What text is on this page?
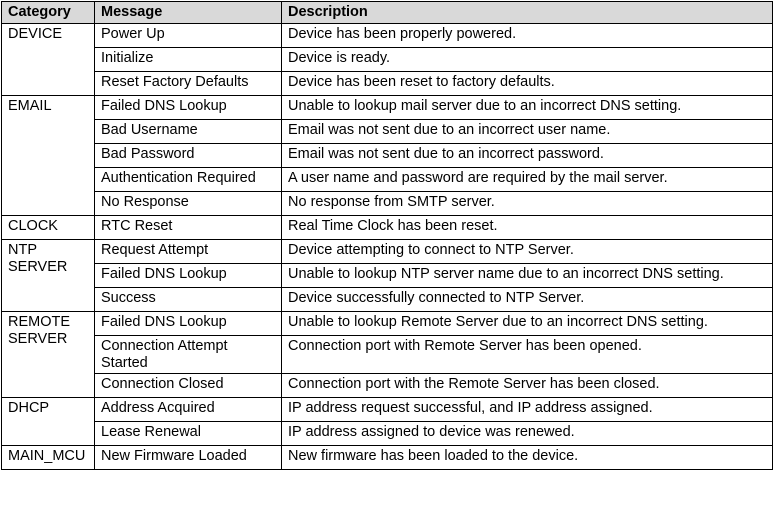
Category	Message	Description
DEVICE	Power Up	Device has been properly powered.
	Initialize	Device is ready.
	Reset Factory Defaults	Device has been reset to factory defaults.
EMAIL	Failed DNS Lookup	Unable to lookup mail server due to an incorrect DNS setting.
	Bad Username	Email was not sent due to an incorrect user name.
	Bad Password	Email was not sent due to an incorrect password.
	Authentication Required	A user name and password are required by the mail server.
	No Response	No response from SMTP server.
CLOCK	RTC Reset	Real Time Clock has been reset.
NTP SERVER	Request Attempt	Device attempting to connect to NTP Server.
	Failed DNS Lookup	Unable to lookup NTP server name due to an incorrect DNS setting.
	Success	Device successfully connected to NTP Server.
REMOTE SERVER	Failed DNS Lookup	Unable to lookup Remote Server due to an incorrect DNS setting.
	Connection Attempt Started	Connection port with Remote Server has been opened.
	Connection Closed	Connection port with the Remote Server has been closed.
DHCP	Address Acquired	IP address request successful, and IP address assigned.
	Lease Renewal	IP address assigned to device was renewed.
MAIN_MCU	New Firmware Loaded	New firmware has been loaded to the device.
